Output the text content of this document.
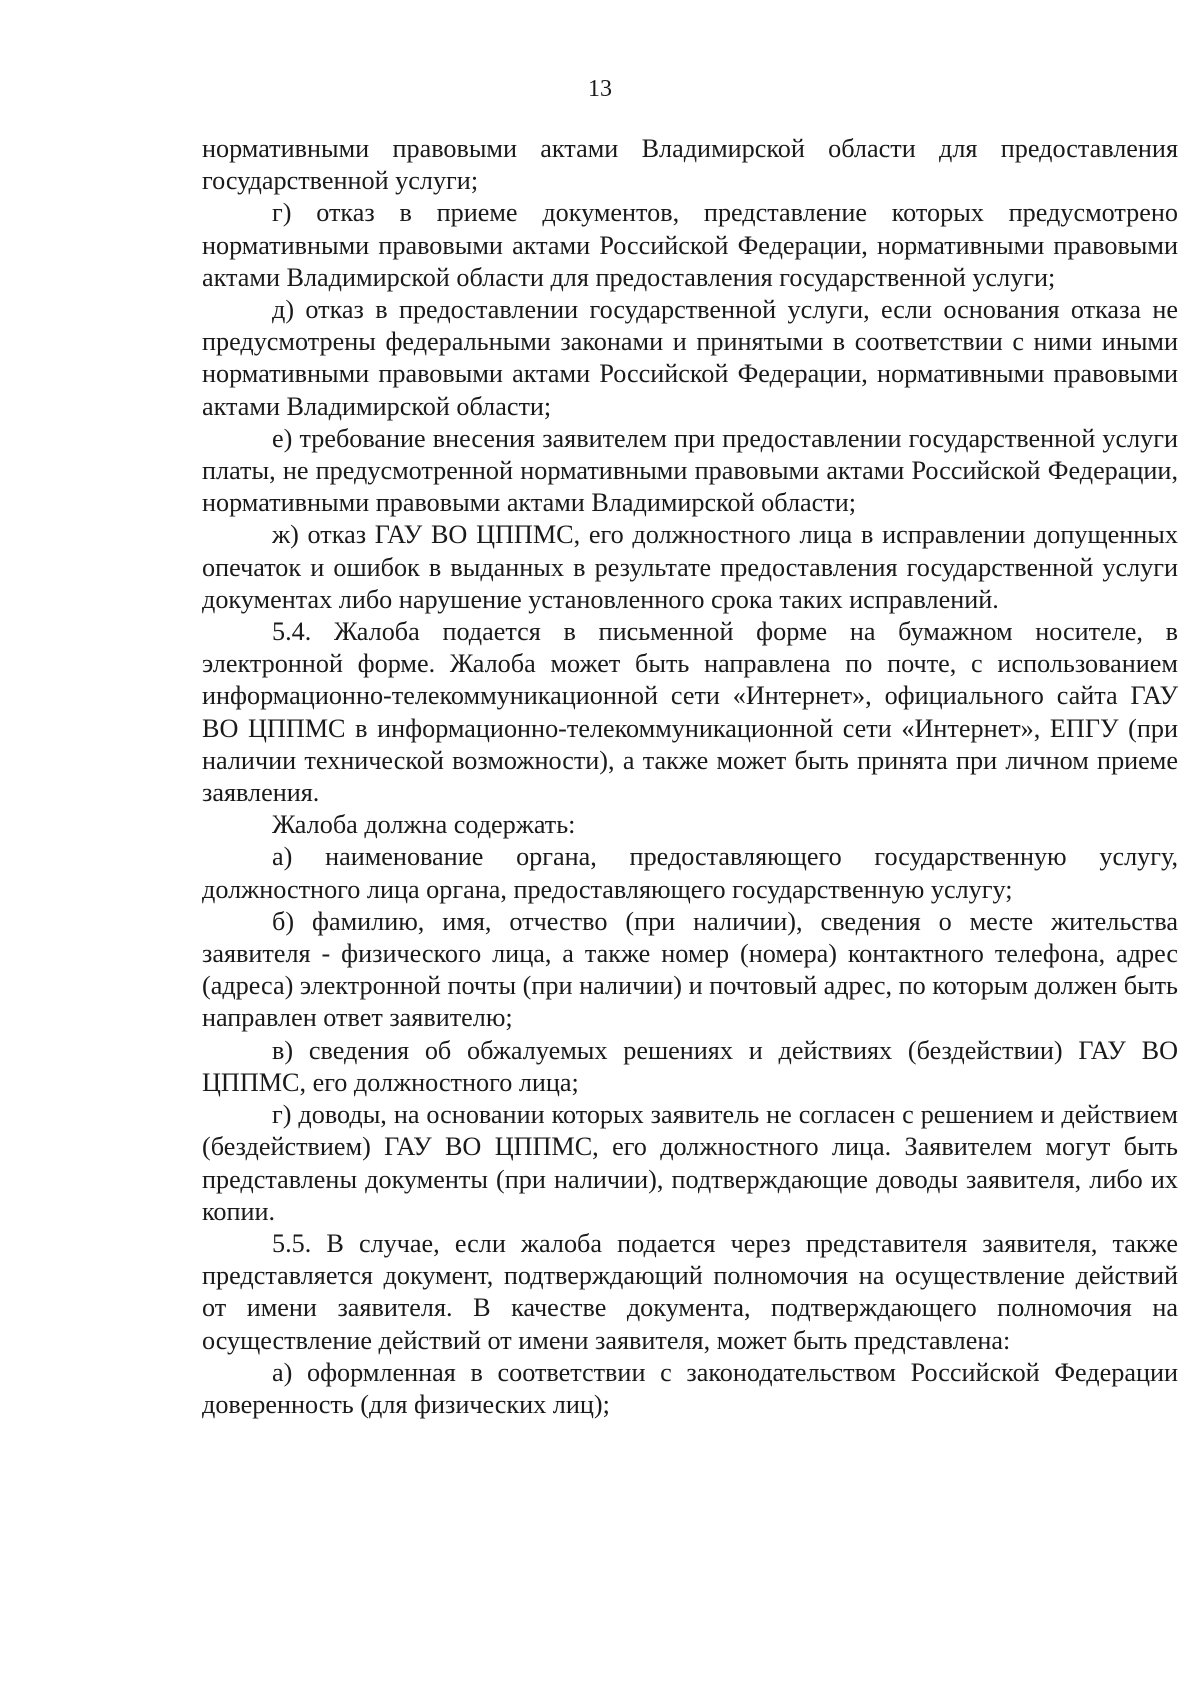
13

нормативными правовыми актами Владимирской области для предоставления государственной услуги;

г) отказ в приеме документов, представление которых предусмотрено нормативными правовыми актами Российской Федерации, нормативными правовыми актами Владимирской области для предоставления государственной услуги;

д) отказ в предоставлении государственной услуги, если основания отказа не предусмотрены федеральными законами и принятыми в соответствии с ними иными нормативными правовыми актами Российской Федерации, нормативными правовыми актами Владимирской области;

е) требование внесения заявителем при предоставлении государственной услуги платы, не предусмотренной нормативными правовыми актами Российской Федерации, нормативными правовыми актами Владимирской области;

ж) отказ ГАУ ВО ЦППМС, его должностного лица в исправлении допущенных опечаток и ошибок в выданных в результате предоставления государственной услуги документах либо нарушение установленного срока таких исправлений.

5.4. Жалоба подается в письменной форме на бумажном носителе, в электронной форме. Жалоба может быть направлена по почте, с использованием информационно-телекоммуникационной сети «Интернет», официального сайта ГАУ ВО ЦППМС в информационно-телекоммуникационной сети «Интернет», ЕПГУ (при наличии технической возможности), а также может быть принята при личном приеме заявления.

Жалоба должна содержать:

а) наименование органа, предоставляющего государственную услугу, должностного лица органа, предоставляющего государственную услугу;

б) фамилию, имя, отчество (при наличии), сведения о месте жительства заявителя - физического лица, а также номер (номера) контактного телефона, адрес (адреса) электронной почты (при наличии) и почтовый адрес, по которым должен быть направлен ответ заявителю;

в) сведения об обжалуемых решениях и действиях (бездействии) ГАУ ВО ЦППМС, его должностного лица;

г) доводы, на основании которых заявитель не согласен с решением и действием (бездействием) ГАУ ВО ЦППМС, его должностного лица. Заявителем могут быть представлены документы (при наличии), подтверждающие доводы заявителя, либо их копии.

5.5. В случае, если жалоба подается через представителя заявителя, также представляется документ, подтверждающий полномочия на осуществление действий от имени заявителя. В качестве документа, подтверждающего полномочия на осуществление действий от имени заявителя, может быть представлена:

а) оформленная в соответствии с законодательством Российской Федерации доверенность (для физических лиц);
